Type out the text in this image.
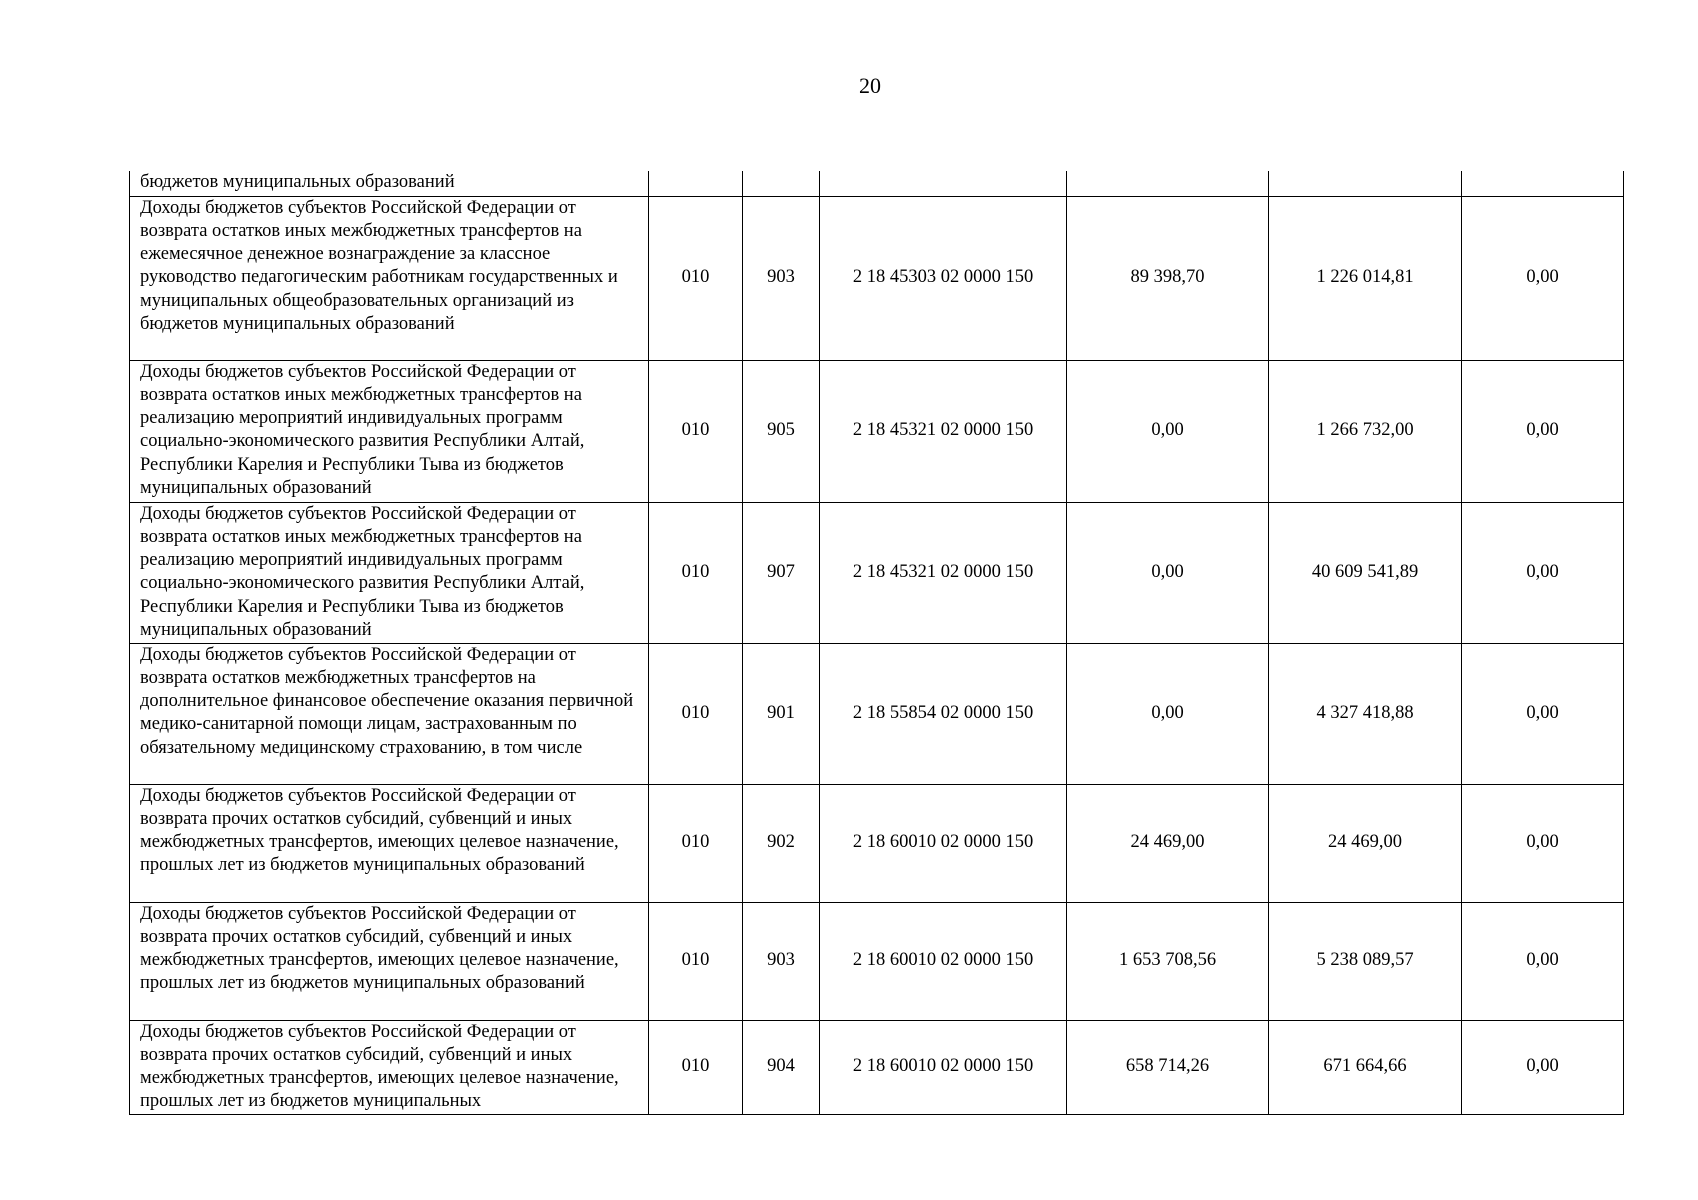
20
бюджетов муниципальных образований						
Доходы бюджетов субъектов Российской Федерации от возврата остатков иных межбюджетных трансфертов на ежемесячное денежное вознаграждение за классное руководство педагогическим работникам государственных и муниципальных общеобразовательных организаций из бюджетов муниципальных образований	010	903	2 18 45303 02 0000 150	89 398,70	1 226 014,81	0,00
Доходы бюджетов субъектов Российской Федерации от возврата остатков иных межбюджетных трансфертов на реализацию мероприятий индивидуальных программ социально-экономического развития Республики Алтай, Республики Карелия и Республики Тыва из бюджетов муниципальных образований	010	905	2 18 45321 02 0000 150	0,00	1 266 732,00	0,00
Доходы бюджетов субъектов Российской Федерации от возврата остатков иных межбюджетных трансфертов на реализацию мероприятий индивидуальных программ социально-экономического развития Республики Алтай, Республики Карелия и Республики Тыва из бюджетов муниципальных образований	010	907	2 18 45321 02 0000 150	0,00	40 609 541,89	0,00
Доходы бюджетов субъектов Российской Федерации от возврата остатков межбюджетных трансфертов на дополнительное финансовое обеспечение оказания первичной медико-санитарной помощи лицам, застрахованным по обязательному медицинскому страхованию, в том числе	010	901	2 18 55854 02 0000 150	0,00	4 327 418,88	0,00
Доходы бюджетов субъектов Российской Федерации от возврата прочих остатков субсидий, субвенций и иных межбюджетных трансфертов, имеющих целевое назначение, прошлых лет из бюджетов муниципальных образований	010	902	2 18 60010 02 0000 150	24 469,00	24 469,00	0,00
Доходы бюджетов субъектов Российской Федерации от возврата прочих остатков субсидий, субвенций и иных межбюджетных трансфертов, имеющих целевое назначение, прошлых лет из бюджетов муниципальных образований	010	903	2 18 60010 02 0000 150	1 653 708,56	5 238 089,57	0,00
Доходы бюджетов субъектов Российской Федерации от возврата прочих остатков субсидий, субвенций и иных межбюджетных трансфертов, имеющих целевое назначение, прошлых лет из бюджетов муниципальных	010	904	2 18 60010 02 0000 150	658 714,26	671 664,66	0,00
